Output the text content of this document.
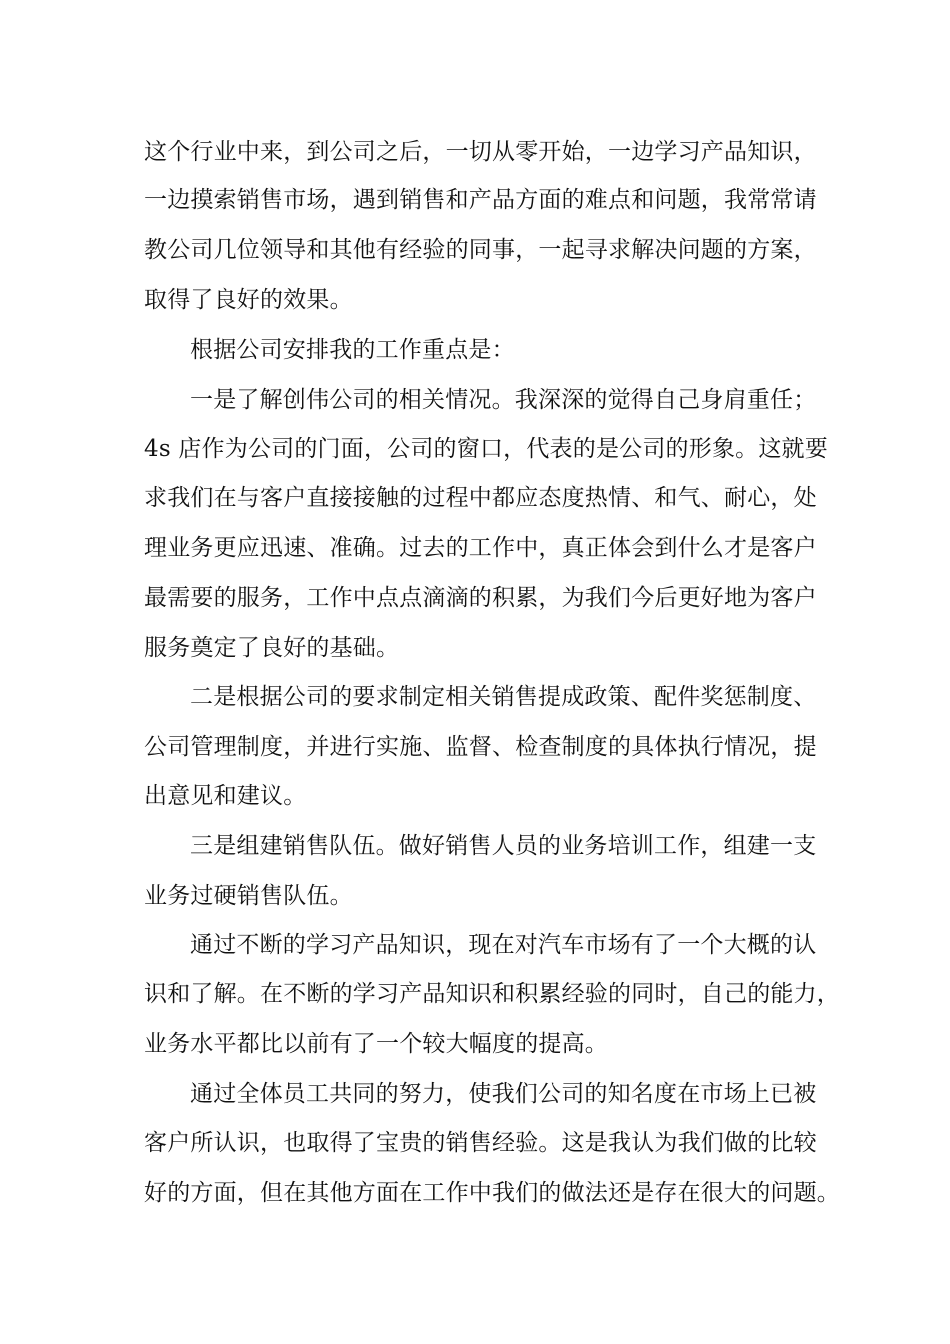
这个行业中来，到公司之后，一切从零开始，一边学习产品知识，
一边摸索销售市场，遇到销售和产品方面的难点和问题，我常常请
教公司几位领导和其他有经验的同事，一起寻求解决问题的方案，
取得了良好的效果。
根据公司安排我的工作重点是：
一是了解创伟公司的相关情况。我深深的觉得自己身肩重任；
4s 店作为公司的门面，公司的窗口，代表的是公司的形象。这就要
求我们在与客户直接接触的过程中都应态度热情、和气、耐心，处
理业务更应迅速、准确。过去的工作中，真正体会到什么才是客户
最需要的服务，工作中点点滴滴的积累，为我们今后更好地为客户
服务奠定了良好的基础。
二是根据公司的要求制定相关销售提成政策、配件奖惩制度、
公司管理制度，并进行实施、监督、检查制度的具体执行情况，提
出意见和建议。
三是组建销售队伍。做好销售人员的业务培训工作，组建一支
业务过硬销售队伍。
通过不断的学习产品知识，现在对汽车市场有了一个大概的认
识和了解。在不断的学习产品知识和积累经验的同时，自己的能力，
业务水平都比以前有了一个较大幅度的提高。
通过全体员工共同的努力，使我们公司的知名度在市场上已被
客户所认识，也取得了宝贵的销售经验。这是我认为我们做的比较
好的方面，但在其他方面在工作中我们的做法还是存在很大的问题。
